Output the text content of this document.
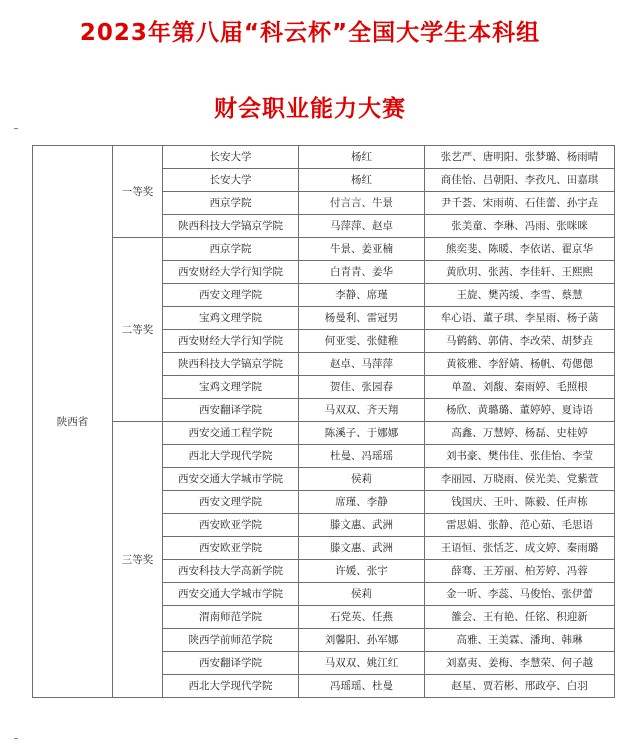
2023年第八届“科云杯”全国大学生本科组
财会职业能力大赛
陕西省	一等奖	长安大学	杨红	张艺严、唐明阳、张梦璐、杨雨晴
		长安大学	杨红	商佳怡、吕朝阳、李孜凡、田嘉琪
		西京学院	付言言、牛景	尹千荟、宋雨萌、石佳蕾、孙宇垚
		陕西科技大学镐京学院	马萍萍、赵卓	张美童、李琳、冯雨、张咪咪
	二等奖	西京学院	牛景、姜亚楠	熊奕斐、陈暖、李依诺、翟京华
		西安财经大学行知学院	白青青、姜华	黄欣玥、张茜、李佳轩、王熙熙
		西安文理学院	李静、席瑾	王旋、樊芮缓、李雪、蔡慧
		宝鸡文理学院	杨曼利、雷冠男	牟心语、董子琪、李星雨、杨子菡
		西安财经大学行知学院	何亚雯、张健稚	马鹤鹤、郭倩、李改荣、胡梦垚
		陕西科技大学镐京学院	赵卓、马萍萍	黄筱雅、李舒婧、杨帆、苟偲偲
		宝鸡文理学院	贺佳、张园春	单盈、刘馥、秦雨婷、毛照根
		西安翻译学院	马双双、齐天翔	杨欣、黄璐璐、董婷婷、夏诗语
	三等奖	西安交通工程学院	陈溪子、于娜娜	高鑫、万慧婷、杨磊、史桂婷
		西北大学现代学院	杜曼、冯瑶瑶	刘书豪、樊伟佳、张佳怡、李莹
		西安交通大学城市学院	侯莉	李丽园、万晓雨、侯光美、党紫萱
		西安文理学院	席瑾、李静	钱国庆、王叶、陈毅、任声栋
		西安欧亚学院	滕文惠、武洲	雷思娟、张静、范心茹、毛思语
		西安欧亚学院	滕文惠、武洲	王语恒、张恬芝、成文婷、秦雨璐
		西安科技大学高新学院	许媛、张宇	薛骞、王芳丽、柏芳婷、冯蓉
		西安交通大学城市学院	侯莉	金一昕、李蕊、马俊怡、张伊蕾
		渭南师范学院	石党英、任燕	雒会、王有艳、任铭、积迎新
		陕西学前师范学院	刘馨阳、孙军娜	高雅、王美霖、潘珣、韩琳
		西安翻译学院	马双双、姚江红	刘嘉夷、姜梅、李慧荣、何子越
		西北大学现代学院	冯瑶瑶、杜曼	赵星、贾若彬、邢政亭、白羽
